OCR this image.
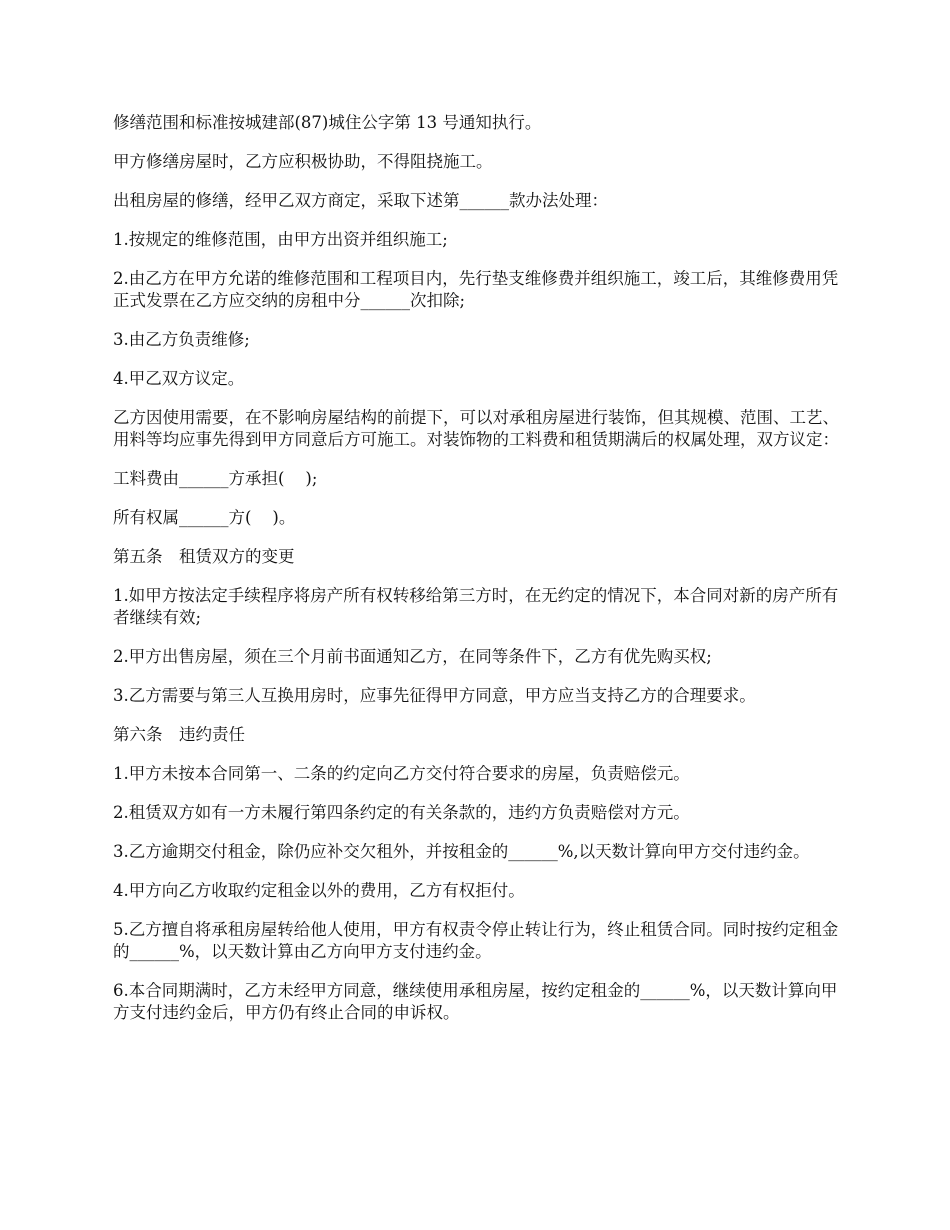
修缮范围和标准按城建部(87)城住公字第 13 号通知执行。

甲方修缮房屋时，乙方应积极协助，不得阻挠施工。

出租房屋的修缮，经甲乙双方商定，采取下述第______款办法处理：

1.按规定的维修范围，由甲方出资并组织施工;

2.由乙方在甲方允诺的维修范围和工程项目内，先行垫支维修费并组织施工，竣工后，其维修费用凭正式发票在乙方应交纳的房租中分______次扣除;

3.由乙方负责维修;

4.甲乙双方议定。

乙方因使用需要，在不影响房屋结构的前提下，可以对承租房屋进行装饰，但其规模、范围、工艺、用料等均应事先得到甲方同意后方可施工。对装饰物的工料费和租赁期满后的权属处理，双方议定：

工料费由______方承担(    );

所有权属______方(    )。

第五条　租赁双方的变更

1.如甲方按法定手续程序将房产所有权转移给第三方时，在无约定的情况下，本合同对新的房产所有者继续有效;

2.甲方出售房屋，须在三个月前书面通知乙方，在同等条件下，乙方有优先购买权;

3.乙方需要与第三人互换用房时，应事先征得甲方同意，甲方应当支持乙方的合理要求。

第六条　违约责任

1.甲方未按本合同第一、二条的约定向乙方交付符合要求的房屋，负责赔偿元。

2.租赁双方如有一方未履行第四条约定的有关条款的，违约方负责赔偿对方元。

3.乙方逾期交付租金，除仍应补交欠租外，并按租金的______%,以天数计算向甲方交付违约金。

4.甲方向乙方收取约定租金以外的费用，乙方有权拒付。

5.乙方擅自将承租房屋转给他人使用，甲方有权责令停止转让行为，终止租赁合同。同时按约定租金的______%，以天数计算由乙方向甲方支付违约金。

6.本合同期满时，乙方未经甲方同意，继续使用承租房屋，按约定租金的______%，以天数计算向甲方支付违约金后，甲方仍有终止合同的申诉权。
